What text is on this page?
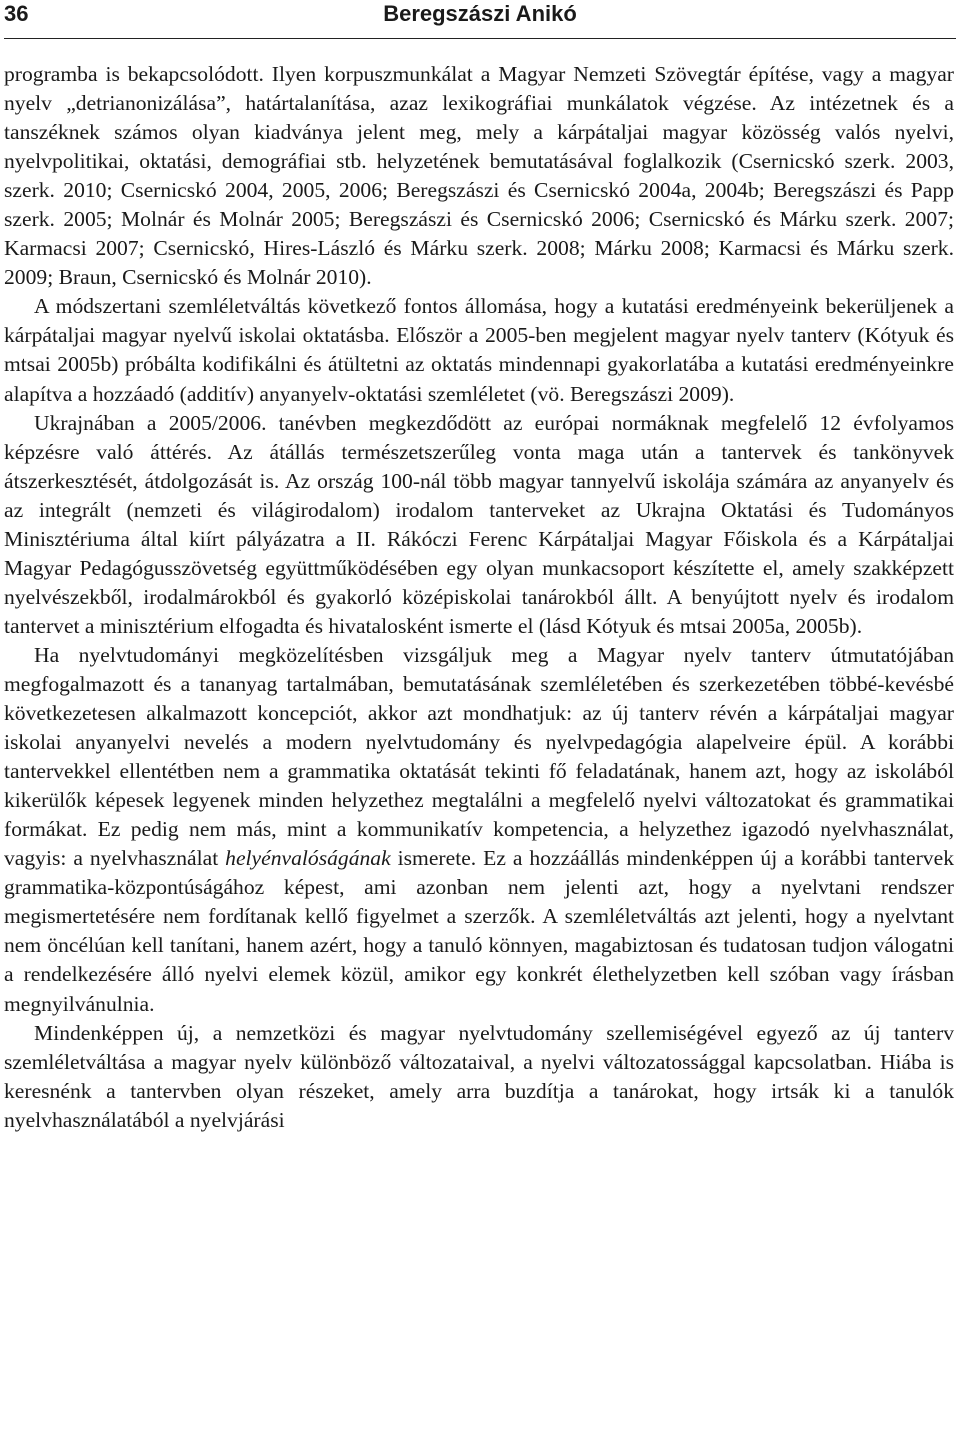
36	Beregszászi Anikó

programba is bekapcsolódott. Ilyen korpuszmunkálat a Magyar Nemzeti Szövegtár építése, vagy a magyar nyelv „detrianonizálása”, határtalanítása, azaz lexikográfiai munkálatok végzése. Az intézetnek és a tanszéknek számos olyan kiadványa jelent meg, mely a kárpátaljai magyar közösség valós nyelvi, nyelvpolitikai, oktatási, demográfiai stb. helyzetének bemutatásával foglalkozik (Csernicskó szerk. 2003, szerk. 2010; Csernicskó 2004, 2005, 2006; Beregszászi és Csernicskó 2004a, 2004b; Beregszászi és Papp szerk. 2005; Molnár és Molnár 2005; Beregszászi és Csernicskó 2006; Csernicskó és Márku szerk. 2007; Karmacsi 2007; Csernicskó, Hires-László és Márku szerk. 2008; Márku 2008; Karmacsi és Márku szerk. 2009; Braun, Csernicskó és Molnár 2010).

A módszertani szemléletváltás következő fontos állomása, hogy a kutatási eredményeink bekerüljenek a kárpátaljai magyar nyelvű iskolai oktatásba. Először a 2005-ben megjelent magyar nyelv tanterv (Kótyuk és mtsai 2005b) próbálta kodifikálni és átültetni az oktatás mindennapi gyakorlatába a kutatási eredményeinkre alapítva a hozzáadó (additív) anyanyelv-oktatási szemléletet (vö. Beregszászi 2009).

Ukrajnában a 2005/2006. tanévben megkezdődött az európai normáknak megfelelő 12 évfolyamos képzésre való áttérés. Az átállás természetszerűleg vonta maga után a tantervek és tankönyvek átszerkesztését, átdolgozását is. Az ország 100-nál több magyar tannyelvű iskolája számára az anyanyelv és az integrált (nemzeti és világirodalom) irodalom tanterveket az Ukrajna Oktatási és Tudományos Minisztériuma által kiírt pályázatra a II. Rákóczi Ferenc Kárpátaljai Magyar Főiskola és a Kárpátaljai Magyar Pedagógusszövetség együttműködésében egy olyan munkacsoport készítette el, amely szakképzett nyelvészekből, irodalmárokból és gyakorló középiskolai tanárokból állt. A benyújtott nyelv és irodalom tantervet a minisztérium elfogadta és hivatalosként ismerte el (lásd Kótyuk és mtsai 2005a, 2005b).

Ha nyelvtudományi megközelítésben vizsgáljuk meg a Magyar nyelv tanterv útmutatójában megfogalmazott és a tananyag tartalmában, bemutatásának szemléletében és szerkezetében többé-kevésbé következetesen alkalmazott koncepciót, akkor azt mondhatjuk: az új tanterv révén a kárpátaljai magyar iskolai anyanyelvi nevelés a modern nyelvtudomány és nyelvpedagógia alapelveire épül. A korábbi tantervekkel ellentétben nem a grammatika oktatását tekinti fő feladatának, hanem azt, hogy az iskolából kikerülők képesek legyenek minden helyzethez megtalálni a megfelelő nyelvi változatokat és grammatikai formákat. Ez pedig nem más, mint a kommunikatív kompetencia, a helyzethez igazodó nyelvhasználat, vagyis: a nyelvhasználat helyénvalóságának ismerete. Ez a hozzáállás mindenképpen új a korábbi tantervek grammatika-központúságához képest, ami azonban nem jelenti azt, hogy a nyelvtani rendszer megismertetésére nem fordítanak kellő figyelmet a szerzők. A szemléletváltás azt jelenti, hogy a nyelvtant nem öncélúan kell tanítani, hanem azért, hogy a tanuló könnyen, magabiztosan és tudatosan tudjon válogatni a rendelkezésére álló nyelvi elemek közül, amikor egy konkrét élethelyzetben kell szóban vagy írásban megnyilvánulnia.

Mindenképpen új, a nemzetközi és magyar nyelvtudomány szellemiségével egyező az új tanterv szemléletváltása a magyar nyelv különböző változataival, a nyelvi változatossággal kapcsolatban. Hiába is keresnénk a tantervben olyan részeket, amely arra buzdítja a tanárokat, hogy irtsák ki a tanulók nyelvhasználatából a nyelvjárási
